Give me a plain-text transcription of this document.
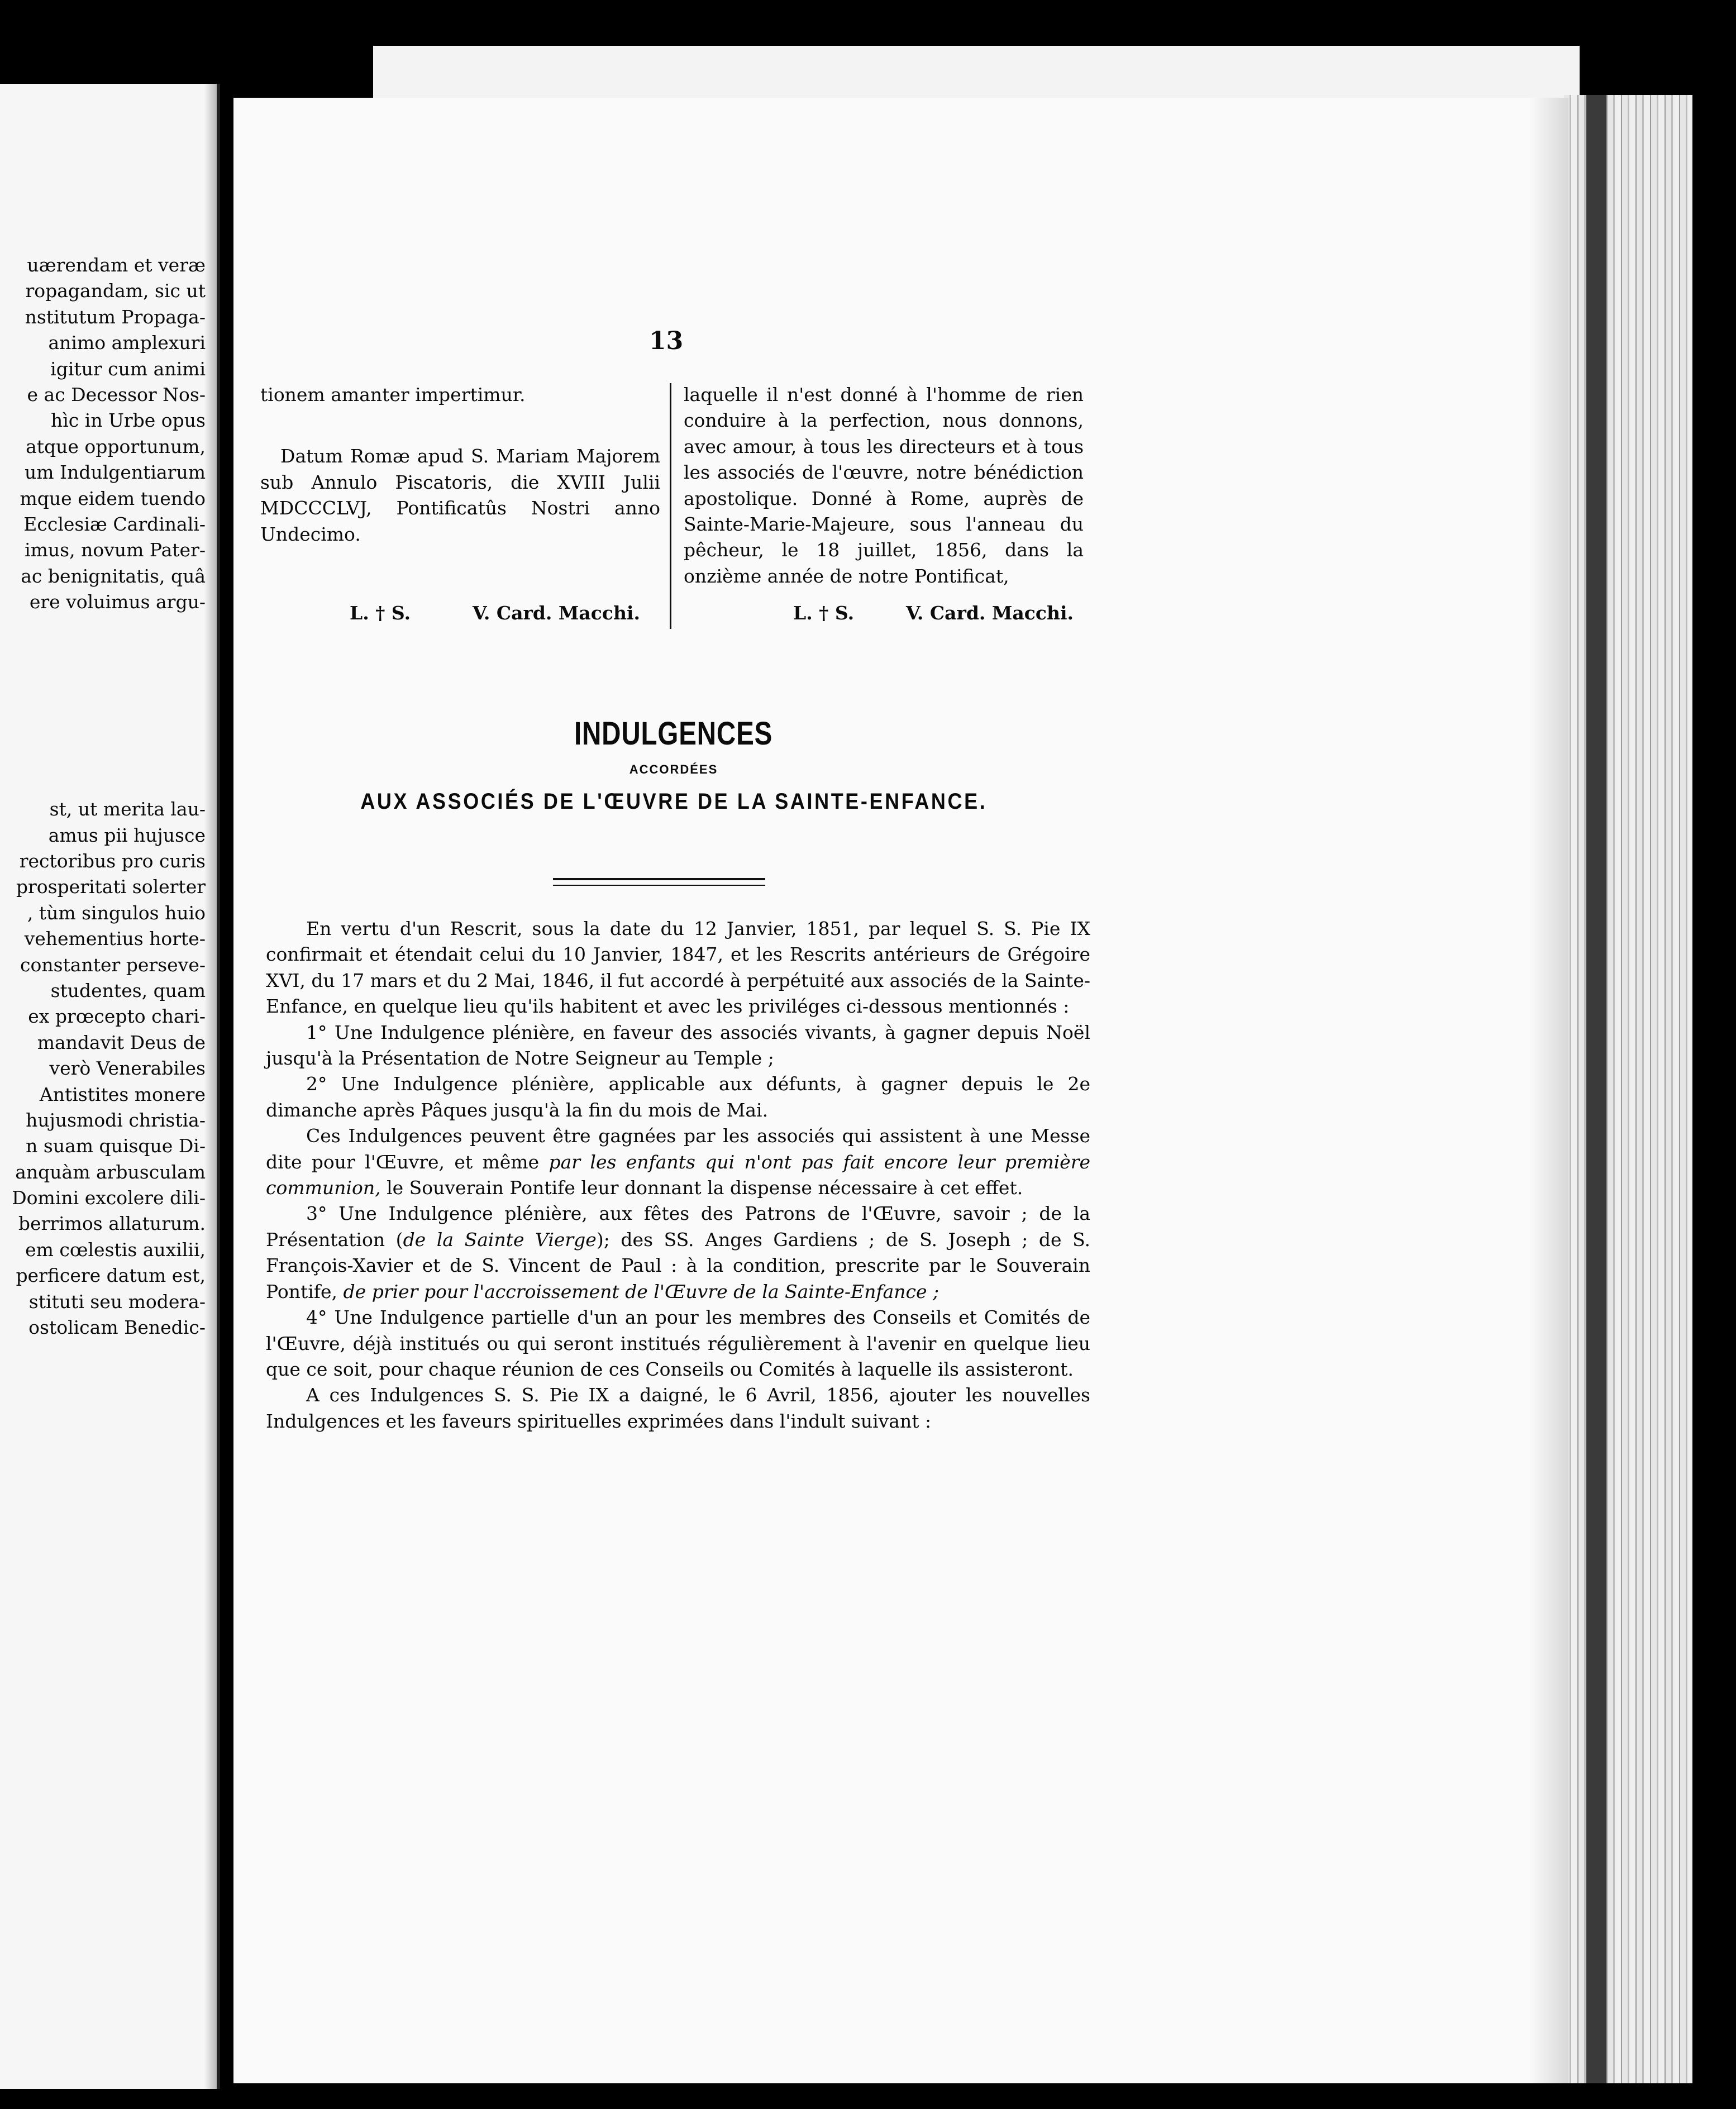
uærendam et veræ
ropagandam, sic ut
nstitutum Propaga-
animo amplexuri
igitur cum animi
e ac Decessor Nos-
hìc in Urbe opus
atque opportunum,
um Indulgentiarum
mque eidem tuendo
Ecclesiæ Cardinali-
imus, novum Pater-
ac benignitatis, quâ
ere voluimus argu-
st, ut merita lau-
amus pii hujusce
rectoribus pro curis
prosperitati solerter
, tùm singulos huio
vehementius horte-
constanter perseve-
studentes, quam
ex prœcepto chari-
mandavit Deus de
verò Venerabiles
Antistites monere
hujusmodi christia-
n suam quisque Di-
anquàm arbusculam
Domini excolere dili-
berrimos allaturum.
em cœlestis auxilii,
perficere datum est,
stituti seu modera-
ostolicam Benedic-
13

tionem amanter impertimur.

Datum Romæ apud S. Mariam Majorem sub Annulo Piscatoris, die XVIII Julii MDCCCLVJ, Pontificatûs Nostri anno Undecimo.

laquelle il n'est donné à l'homme de rien conduire à la perfection, nous donnons, avec amour, à tous les directeurs et à tous les associés de l'œuvre, notre bénédiction apostolique. Donné à Rome, auprès de Sainte-Marie-Majeure, sous l'anneau du pêcheur, le 18 juillet, 1856, dans la onzième année de notre Pontificat,

L. † S.	V. Card. Macchi.	L. † S.	V. Card. Macchi.
INDULGENCES
ACCORDÉES
AUX ASSOCIÉS DE L'ŒUVRE DE LA SAINTE-ENFANCE.

En vertu d'un Rescrit, sous la date du 12 Janvier, 1851, par lequel S. S. Pie IX confirmait et étendait celui du 10 Janvier, 1847, et les Rescrits antérieurs de Grégoire XVI, du 17 mars et du 2 Mai, 1846, il fut accordé à perpétuité aux associés de la Sainte-Enfance, en quelque lieu qu'ils habitent et avec les priviléges ci-dessous mentionnés :

1° Une Indulgence plénière, en faveur des associés vivants, à gagner depuis Noël jusqu'à la Présentation de Notre Seigneur au Temple ;

2° Une Indulgence plénière, applicable aux défunts, à gagner depuis le 2e dimanche après Pâques jusqu'à la fin du mois de Mai.

Ces Indulgences peuvent être gagnées par les associés qui assistent à une Messe dite pour l'Œuvre, et même par les enfants qui n'ont pas fait encore leur première communion, le Souverain Pontife leur donnant la dispense nécessaire à cet effet.

3° Une Indulgence plénière, aux fêtes des Patrons de l'Œuvre, savoir ; de la Présentation (de la Sainte Vierge); des SS. Anges Gardiens ; de S. Joseph ; de S. François-Xavier et de S. Vincent de Paul : à la condition, prescrite par le Souverain Pontife, de prier pour l'accroissement de l'Œuvre de la Sainte-Enfance ;

4° Une Indulgence partielle d'un an pour les membres des Conseils et Comités de l'Œuvre, déjà institués ou qui seront institués régulièrement à l'avenir en quelque lieu que ce soit, pour chaque réunion de ces Conseils ou Comités à laquelle ils assisteront.

A ces Indulgences S. S. Pie IX a daigné, le 6 Avril, 1856, ajouter les nouvelles Indulgences et les faveurs spirituelles exprimées dans l'indult suivant :
